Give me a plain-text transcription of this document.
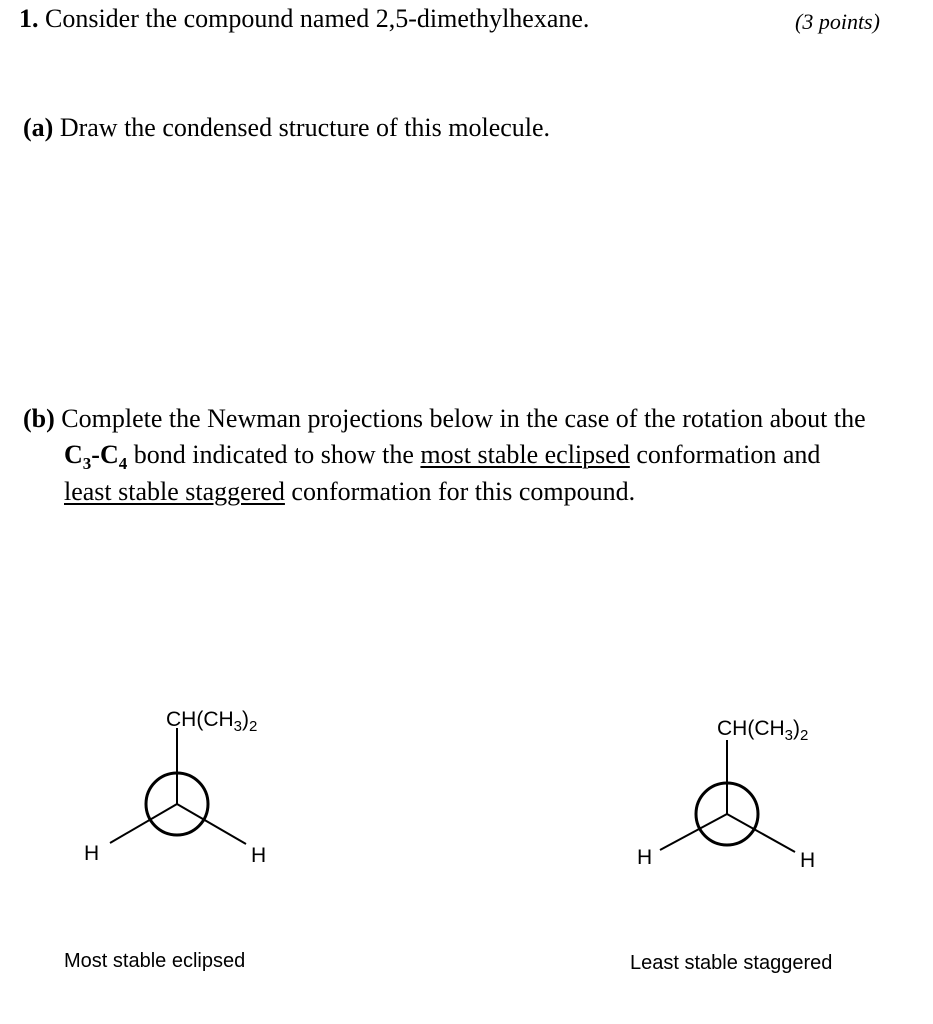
1. Consider the compound named 2,5-dimethylhexane.	(3 points)
(a) Draw the condensed structure of this molecule.
(b) Complete the Newman projections below in the case of the rotation about the
$C_3-C_4$ bond indicated to show the most stable eclipsed conformation and
least stable staggered conformation for this compound.
$CH(CH_3)_2$
H	H
$CH(CH_3)_2$
H	H
Most stable eclipsed	Least stable staggered
